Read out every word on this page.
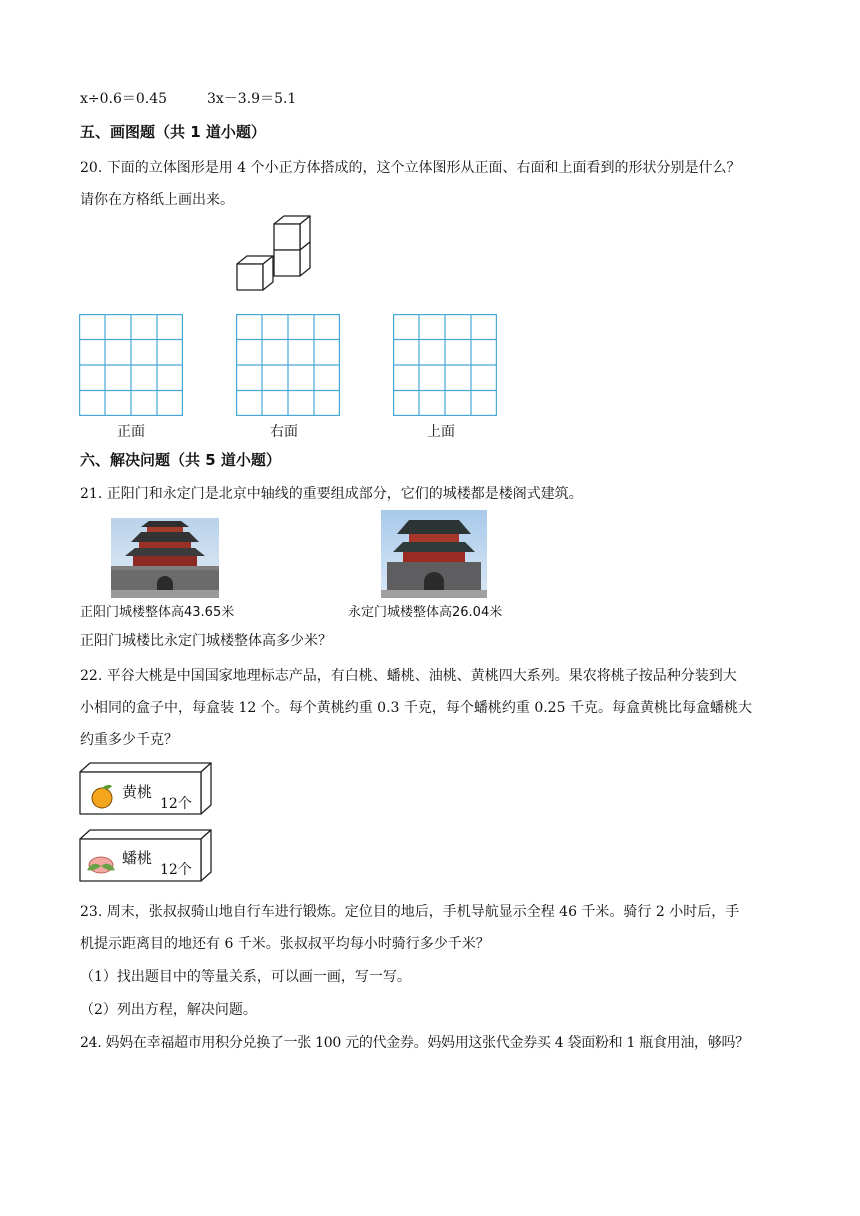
x÷0.6＝0.45	3x－3.9＝5.1
五、画图题（共 1 道小题）
20. 下面的立体图形是用 4 个小正方体搭成的，这个立体图形从正面、右面和上面看到的形状分别是什么？
请你在方格纸上画出来。
正面	右面	上面
六、解决问题（共 5 道小题）
21. 正阳门和永定门是北京中轴线的重要组成部分，它们的城楼都是楼阁式建筑。
正阳门城楼整体高43.65米	永定门城楼整体高26.04米
正阳门城楼比永定门城楼整体高多少米？
22. 平谷大桃是中国国家地理标志产品，有白桃、蟠桃、油桃、黄桃四大系列。果农将桃子按品种分装到大
小相同的盒子中，每盒装 12 个。每个黄桃约重 0.3 千克，每个蟠桃约重 0.25 千克。每盒黄桃比每盒蟠桃大
约重多少千克？
黄桃
12个
蟠桃
12个
23. 周末，张叔叔骑山地自行车进行锻炼。定位目的地后，手机导航显示全程 46 千米。骑行 2 小时后，手
机提示距离目的地还有 6 千米。张叔叔平均每小时骑行多少千米？
（1）找出题目中的等量关系，可以画一画，写一写。
（2）列出方程，解决问题。
24. 妈妈在幸福超市用积分兑换了一张 100 元的代金券。妈妈用这张代金券买 4 袋面粉和 1 瓶食用油，够吗？
